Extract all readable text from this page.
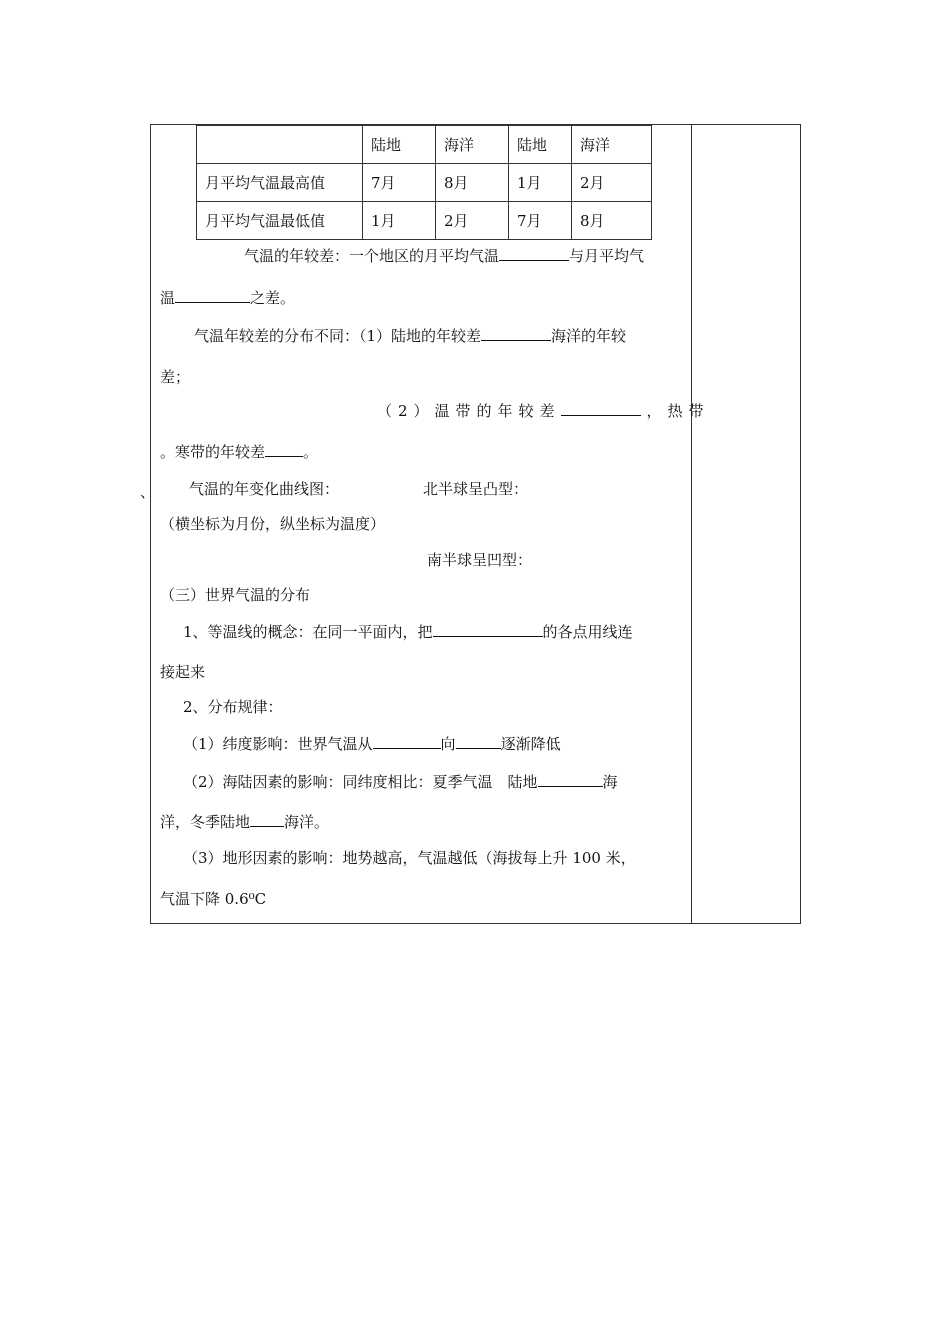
、
	陆地	海洋	陆地	海洋
月平均气温最高值	7月	8月	1月	2月
月平均气温最低值	1月	2月	7月	8月
气温的年较差：一个地区的月平均气温	与月平均气
温	之差。
气温年较差的分布不同：（1）陆地的年较差	海洋的年较
差；
（2）温带的年较差	，热带
。寒带的年较差	。
气温的年变化曲线图：	北半球呈凸型：
（横坐标为月份，纵坐标为温度）
南半球呈凹型：
（三）世界气温的分布
1、等温线的概念：在同一平面内，把	的各点用线连
接起来
2、分布规律：
（1）纬度影响：世界气温从	向	逐渐降低
（2）海陆因素的影响：同纬度相比：夏季气温　陆地	海
洋，冬季陆地 海洋。
（3）地形因素的影响：地势越高，气温越低（海拔每上升 100 米，
气温下降 0.6⁰C
